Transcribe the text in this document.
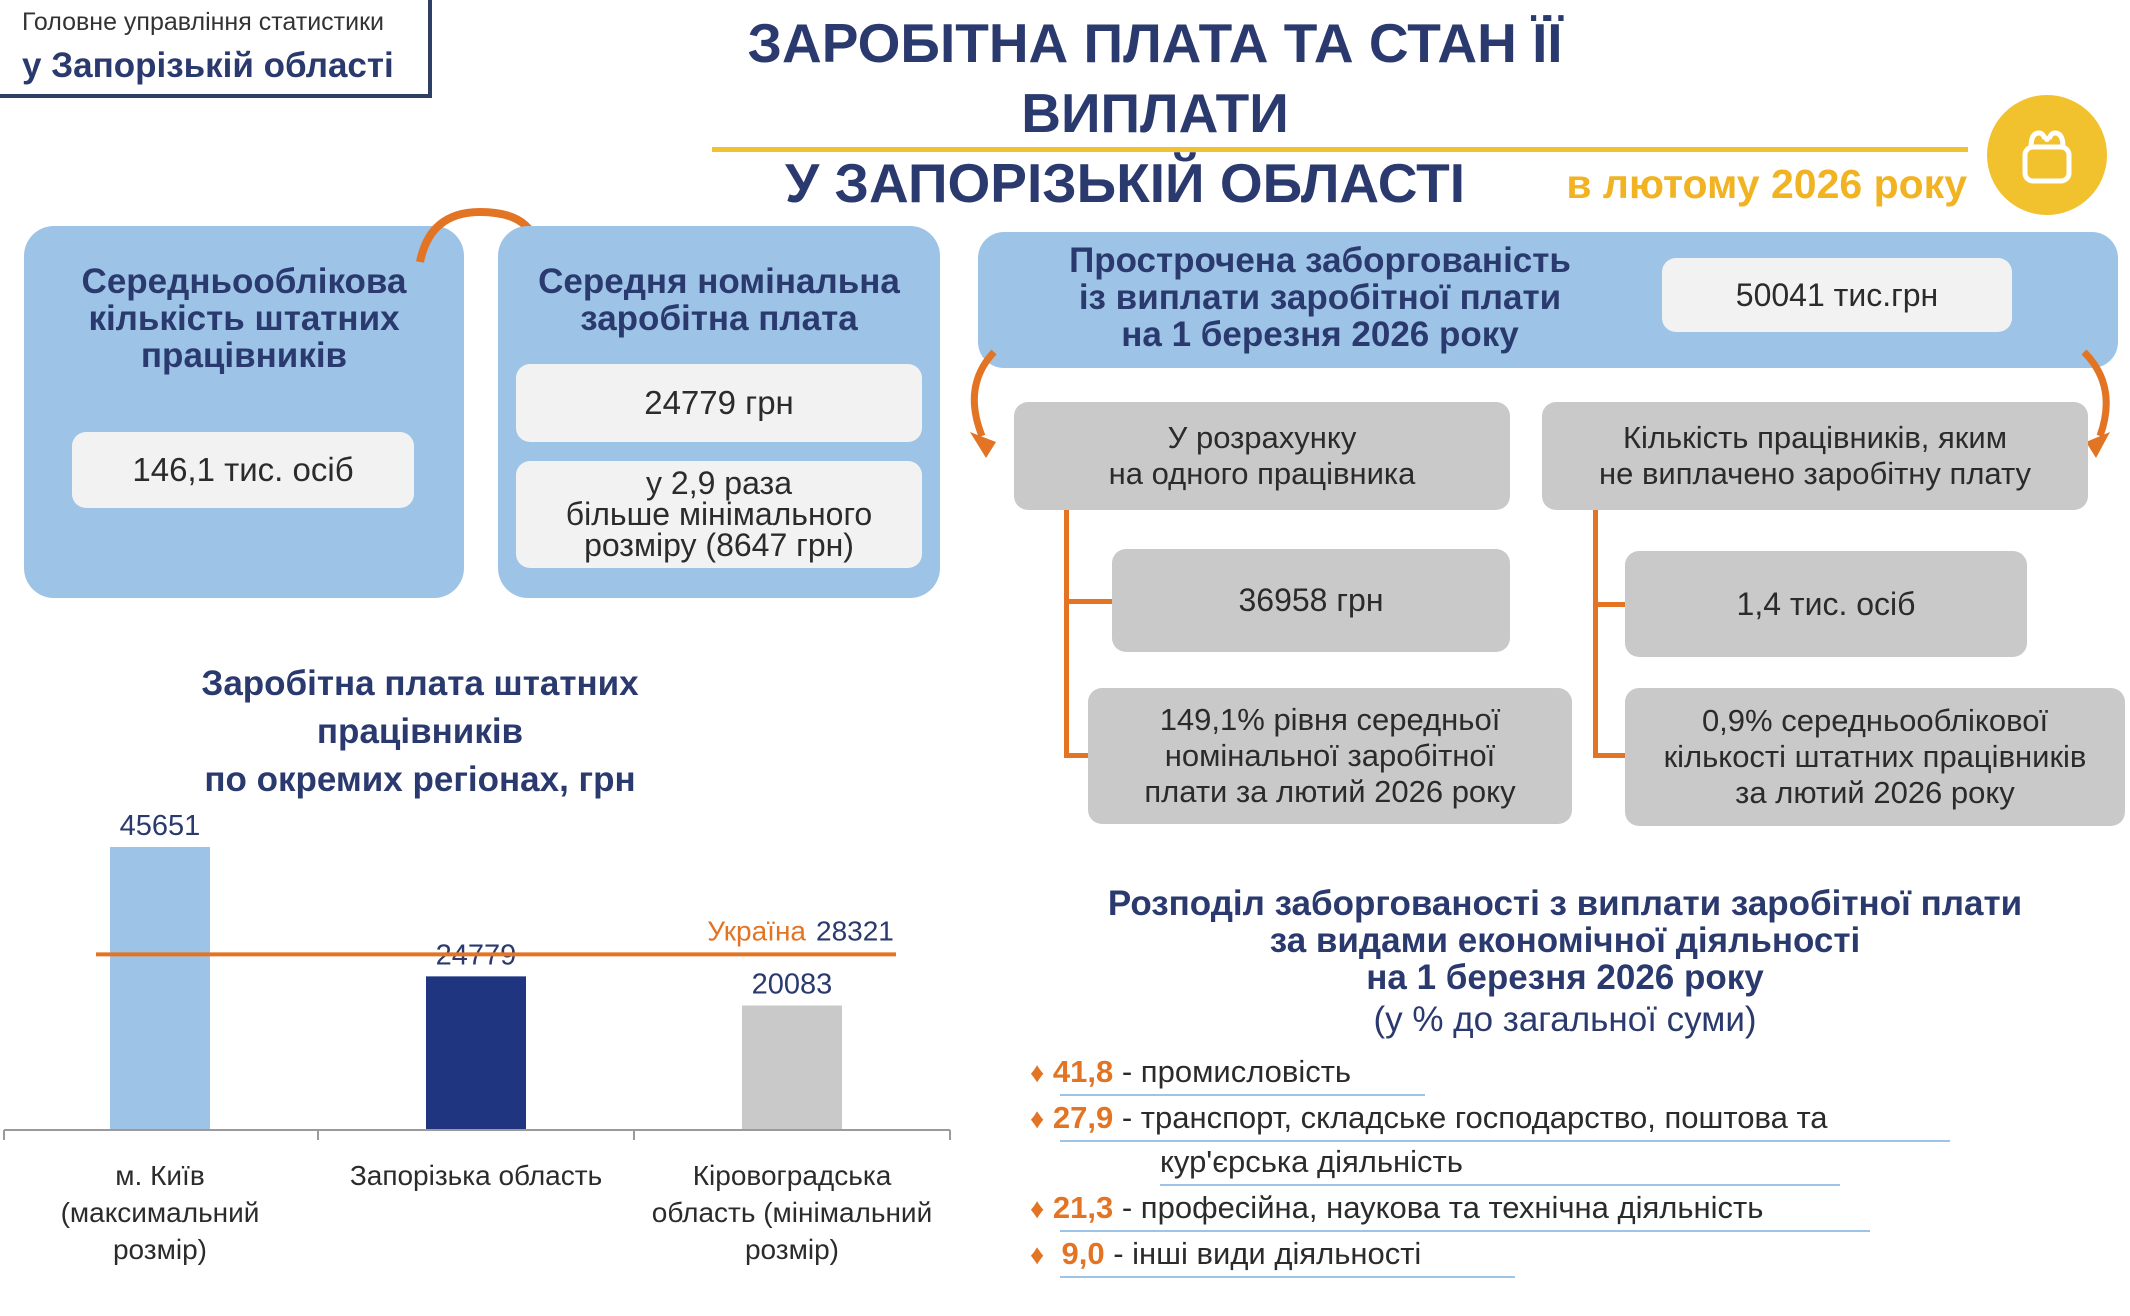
Головне управління статистики
у Запорізькій області	ЗАРОБІТНА ПЛАТА ТА СТАН ЇЇ ВИПЛАТИ
У ЗАПОРІЗЬКІЙ ОБЛАСТІ	в лютому 2026 року
Середньооблікова кількість штатних працівників
146,1 тис. осіб
Середня номінальна заробітна плата
24779 грн
у 2,9 раза
більше мінімального
розміру (8647 грн)
Прострочена заборгованість
із виплати заробітної плати
на 1 березня 2026 року
50041 тис.грн
У розрахунку
на одного працівника
36958 грн
149,1% рівня середньої
номінальної заробітної
плати за лютий 2026 року
Кількість працівників, яким
не виплачено заробітну плату
1,4 тис. осіб
0,9% середньооблікової
кількості штатних працівників
за лютий 2026 року
Заробітна плата штатних працівників
по окремих регіонах, грн
45651
м. Київ
(максимальний
розмір)
24779
Запорізька область
20083
Кіровоградська
область (мінімальний
розмір)
Україна 28321
Розподіл заборгованості з виплати заробітної плати
за видами економічної діяльності
на 1 березня 2026 року
(у % до загальної суми)
♦ 41,8 - промисловість
♦ 27,9 - транспорт, складське господарство, поштова та
кур'єрська діяльність
♦ 21,3 - професійна, наукова та технічна діяльність
♦  9,0 - інші види діяльності
